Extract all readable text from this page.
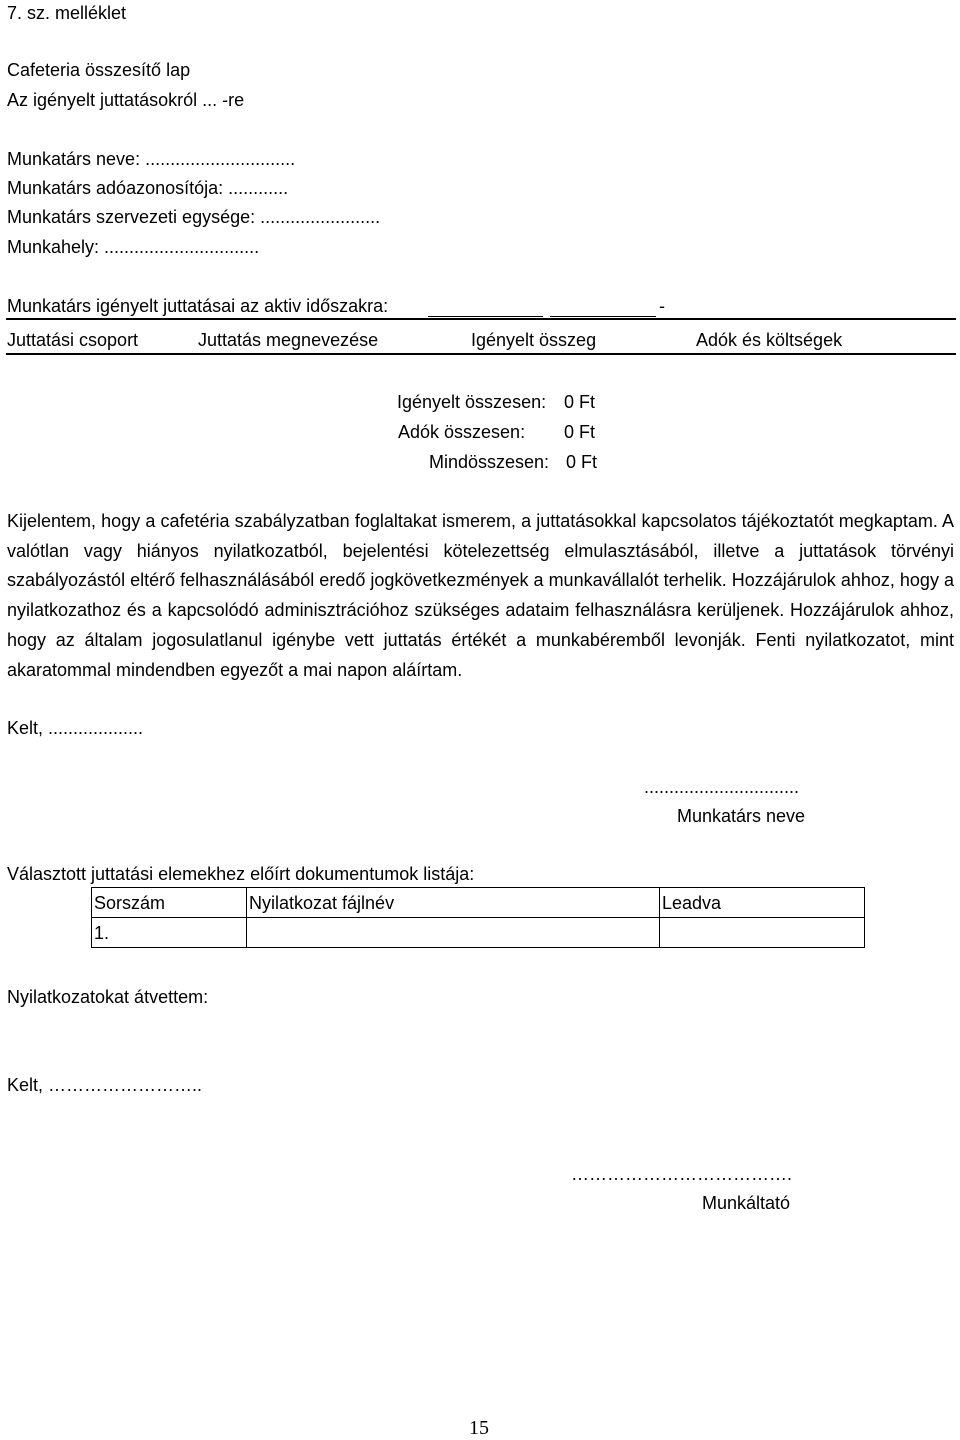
7. sz. melléklet
Cafeteria összesítő lap
Az igényelt juttatásokról ... -re
Munkatárs neve: ..............................
Munkatárs adóazonosítója: ............
Munkatárs szervezeti egysége: ........................
Munkahely: ...............................
Munkatárs igényelt juttatásai az aktiv időszakra:	-
Juttatási csoport	Juttatás megnevezése	Igényelt összeg	Adók és költségek
Igényelt összesen: 0 Ft
Adók összesen: 0 Ft
Mindösszesen: 0 Ft
Kijelentem, hogy a cafetéria szabályzatban foglaltakat ismerem, a juttatásokkal kapcsolatos tájékoztatót megkaptam. A valótlan vagy hiányos nyilatkozatból, bejelentési kötelezettség elmulasztásából, illetve a juttatások törvényi szabályozástól eltérő felhasználásából eredő jogkövetkezmények a munkavállalót terhelik. Hozzájárulok ahhoz, hogy a nyilatkozathoz és a kapcsolódó adminisztrációhoz szükséges adataim felhasználásra kerüljenek. Hozzájárulok ahhoz, hogy az általam jogosulatlanul igénybe vett juttatás értékét a munkabéremből levonják. Fenti nyilatkozatot, mint akaratommal mindendben egyezőt a mai napon aláírtam.
Kelt, ...................
...............................
Munkatárs neve
Választott juttatási elemekhez előírt dokumentumok listája:
Sorszám	Nyilatkozat fájlnév	Leadva
1.		
Nyilatkozatokat átvettem:
Kelt, ……………………..
……………………………….
Munkáltató
15
